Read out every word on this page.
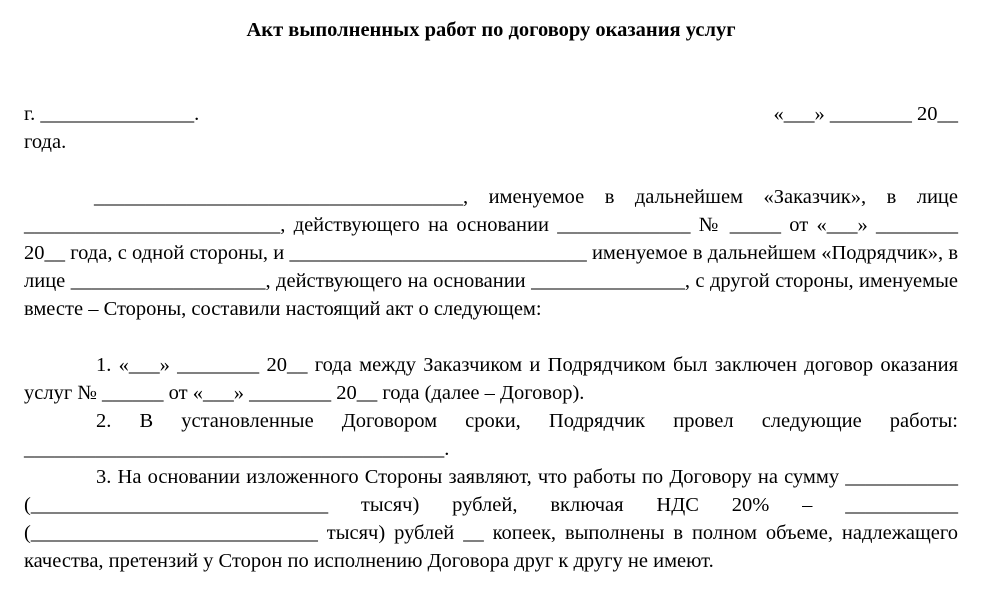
Акт выполненных работ по договору оказания услуг
г. _______________.	«___» ________ 20__
года.
____________________________________, именуемое в дальнейшем «Заказчик», в лице _________________________, действующего на основании _____________ № _____ от «___» ________ 20__ года, с одной стороны, и _____________________________ именуемое в дальнейшем «Подрядчик», в лице ___________________, действующего на основании _______________, с другой стороны, именуемые вместе – Стороны, составили настоящий акт о следующем:
1. «___» ________ 20__ года между Заказчиком и Подрядчиком был заключен договор оказания услуг № ______ от «___» ________ 20__ года (далее – Договор).
2. В установленные Договором сроки, Подрядчик провел следующие работы: _________________________________________.
3. На основании изложенного Стороны заявляют, что работы по Договору на сумму ___________ (_____________________________ тысяч) рублей, включая НДС 20% – ___________ (____________________________ тысяч) рублей __ копеек, выполнены в полном объеме, надлежащего качества, претензий у Сторон по исполнению Договора друг к другу не имеют.
